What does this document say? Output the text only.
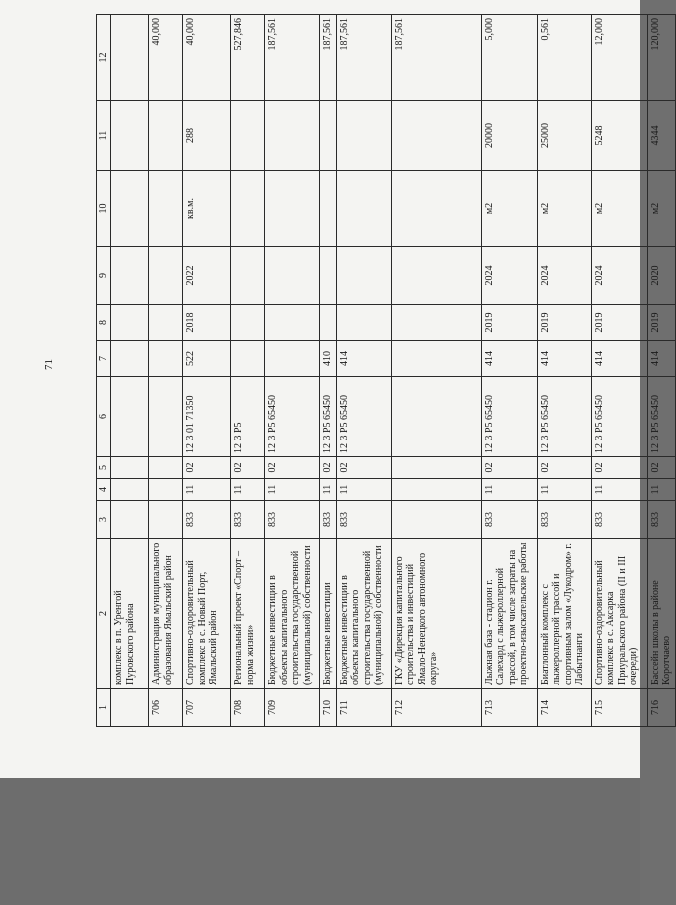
71
1	2	3	4	5	6	7	8	9	10	11	12
	комплекс в п. Уренгой Пуровского района										
706	Администрация муниципального образования Ямальский район										40,000
707	Спортивно-оздоровительный комплекс в с. Новый Порт, Ямальский район	833	11	02	12 3 01 71350	522	2018	2022	кв.м.	288	40,000
708	Региональный проект «Спорт – норма жизни»	833	11	02	12 3 P5						527,846
709	Бюджетные инвестиции в объекты капитального строительства государственной (муниципальной) собственности	833	11	02	12 3 P5 65450						187,561
710	Бюджетные инвестиции	833	11	02	12 3 P5 65450	410					187,561
711	Бюджетные инвестиции в объекты капитального строительства государственной (муниципальной) собственности	833	11	02	12 3 P5 65450	414					187,561
712	ГКУ «Дирекция капитального строительства и инвестиций Ямало-Ненецкого автономного округа»										187,561
713	Лыжная база - стадион г. Салехард с лыжероллерной трассой, в том числе затраты на проектно-изыскательские работы	833	11	02	12 3 P5 65450	414	2019	2024	м2	20000	5,000
714	Биатлонный комплекс с лыжероллерной трассой и спортивным залом «Лукодром» г. Лабытнанги	833	11	02	12 3 P5 65450	414	2019	2024	м2	25000	0,561
715	Спортивно-оздоровительный комплекс в с. Аксарка Приуральского района (II и III очереди)	833	11	02	12 3 P5 65450	414	2019	2024	м2	5248	12,000
716	Бассейн школы в районе Коротчаево	833	11	02	12 3 P5 65450	414	2019	2020	м2	4344	120,000
